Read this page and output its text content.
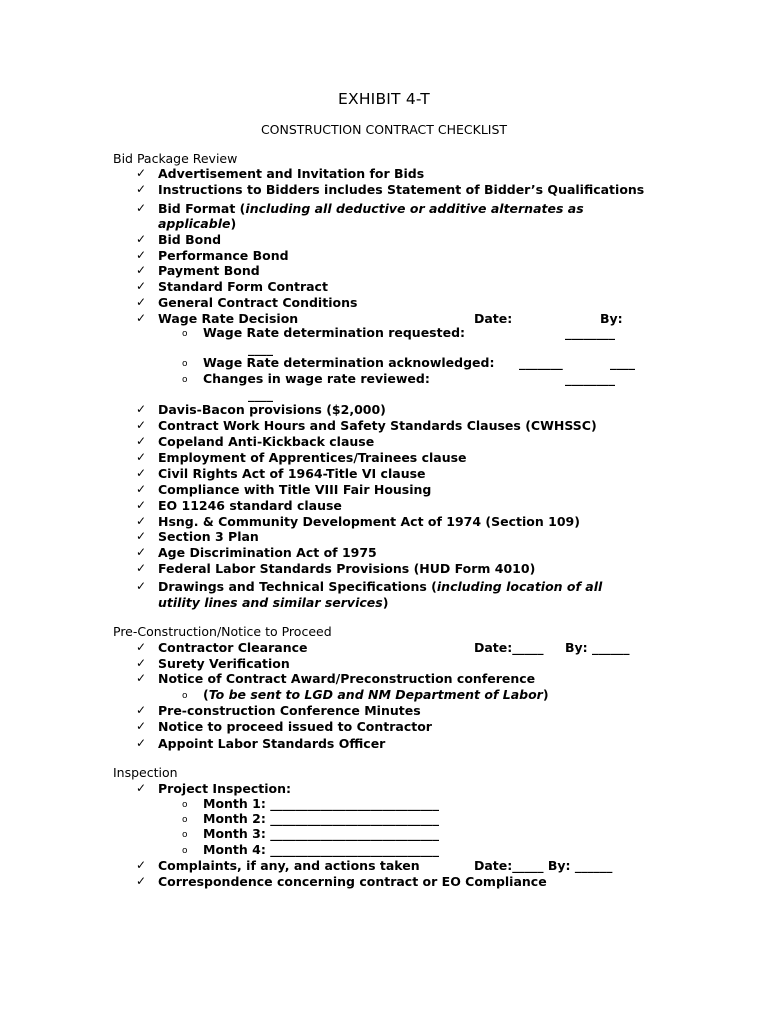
EXHIBIT 4-T
CONSTRUCTION CONTRACT CHECKLIST
Bid Package Review
✓ Advertisement and Invitation for Bids
✓ Instructions to Bidders includes Statement of Bidder’s Qualifications
✓ Bid Format (including all deductive or additive alternates as
applicable)
✓ Bid Bond
✓ Performance Bond
✓ Payment Bond
✓ Standard Form Contract
✓ General Contract Conditions
✓ Wage Rate Decision	Date:	By:
o Wage Rate determination requested:	________
____
o Wage Rate determination acknowledged: _______	____
o Changes in wage rate reviewed:	________
____
✓ Davis-Bacon provisions ($2,000)
✓ Contract Work Hours and Safety Standards Clauses (CWHSSC)
✓ Copeland Anti-Kickback clause
✓ Employment of Apprentices/Trainees clause
✓ Civil Rights Act of 1964-Title VI clause
✓ Compliance with Title VIII Fair Housing
✓ EO 11246 standard clause
✓ Hsng. & Community Development Act of 1974 (Section 109)
✓ Section 3 Plan
✓ Age Discrimination Act of 1975
✓ Federal Labor Standards Provisions (HUD Form 4010)
✓ Drawings and Technical Specifications (including location of all
utility lines and similar services)
Pre-Construction/Notice to Proceed
✓ Contractor Clearance	Date:_____ By: ______
✓ Surety Verification
✓ Notice of Contract Award/Preconstruction conference
o (To be sent to LGD and NM Department of Labor)
✓ Pre-construction Conference Minutes
✓ Notice to proceed issued to Contractor
✓ Appoint Labor Standards Officer
Inspection
✓ Project Inspection:
o Month 1: ___________________________
o Month 2: ___________________________
o Month 3: ___________________________
o Month 4: ___________________________
✓ Complaints, if any, and actions taken	Date:_____ By: ______
✓ Correspondence concerning contract or EO Compliance
